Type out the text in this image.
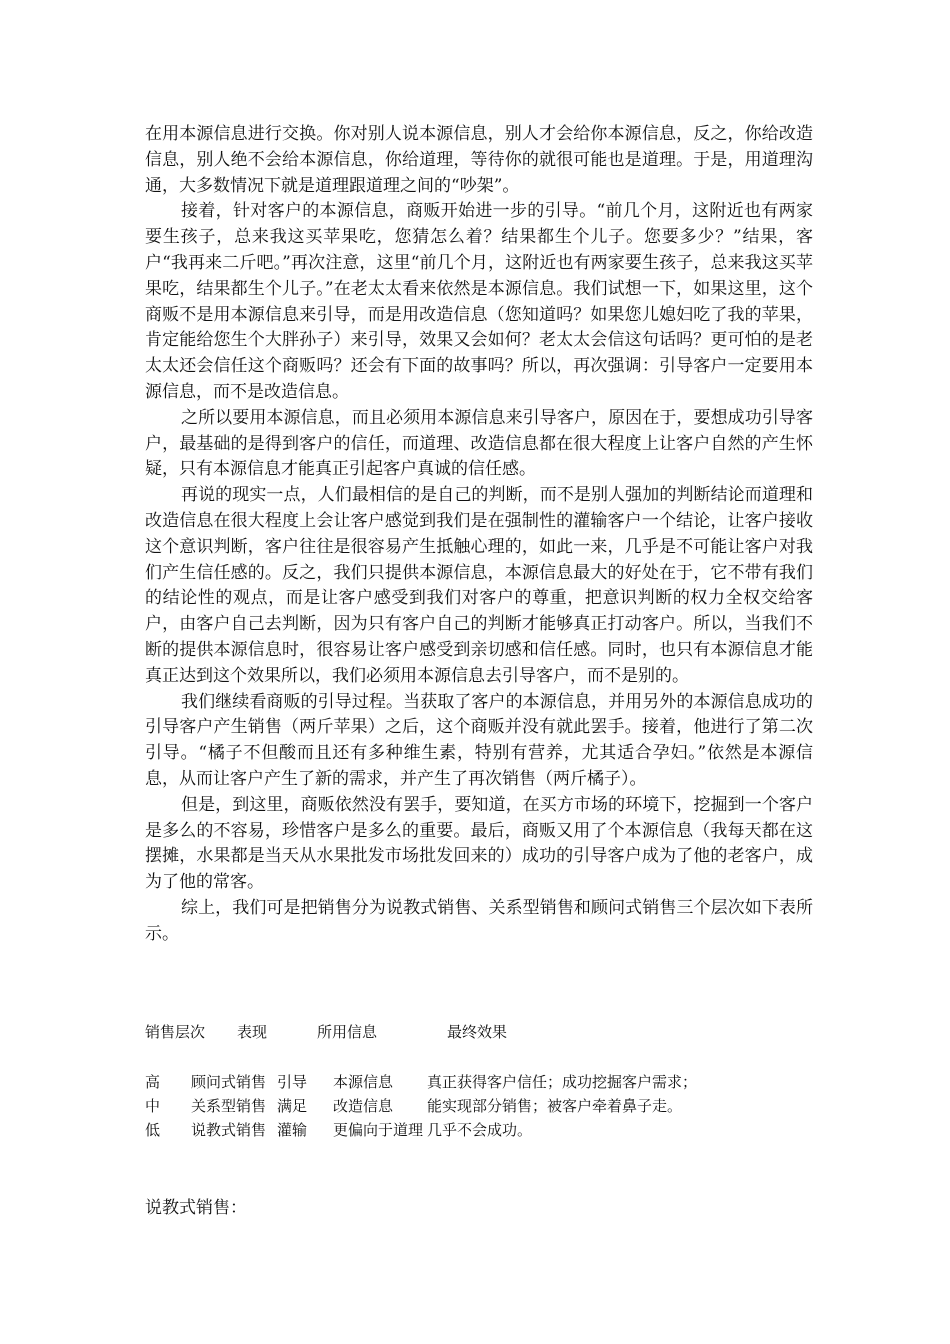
在用本源信息进行交换。你对别人说本源信息，别人才会给你本源信息，反之，你给改造信息，别人绝不会给本源信息，你给道理，等待你的就很可能也是道理。于是，用道理沟通，大多数情况下就是道理跟道理之间的“吵架”。

接着，针对客户的本源信息，商贩开始进一步的引导。“前几个月，这附近也有两家要生孩子，总来我这买苹果吃，您猜怎么着？结果都生个儿子。您要多少？”结果，客户“我再来二斤吧。”再次注意，这里“前几个月，这附近也有两家要生孩子，总来我这买苹果吃，结果都生个儿子。”在老太太看来依然是本源信息。我们试想一下，如果这里，这个商贩不是用本源信息来引导，而是用改造信息（您知道吗？如果您儿媳妇吃了我的苹果，肯定能给您生个大胖孙子）来引导，效果又会如何？老太太会信这句话吗？更可怕的是老太太还会信任这个商贩吗？还会有下面的故事吗？所以，再次强调：引导客户一定要用本源信息，而不是改造信息。

之所以要用本源信息，而且必须用本源信息来引导客户，原因在于，要想成功引导客户，最基础的是得到客户的信任，而道理、改造信息都在很大程度上让客户自然的产生怀疑，只有本源信息才能真正引起客户真诚的信任感。

再说的现实一点，人们最相信的是自己的判断，而不是别人强加的判断结论而道理和改造信息在很大程度上会让客户感觉到我们是在强制性的灌输客户一个结论，让客户接收这个意识判断，客户往往是很容易产生抵触心理的，如此一来，几乎是不可能让客户对我们产生信任感的。反之，我们只提供本源信息，本源信息最大的好处在于，它不带有我们的结论性的观点，而是让客户感受到我们对客户的尊重，把意识判断的权力全权交给客户，由客户自己去判断，因为只有客户自己的判断才能够真正打动客户。所以，当我们不断的提供本源信息时，很容易让客户感受到亲切感和信任感。同时，也只有本源信息才能真正达到这个效果所以，我们必须用本源信息去引导客户，而不是别的。

我们继续看商贩的引导过程。当获取了客户的本源信息，并用另外的本源信息成功的引导客户产生销售（两斤苹果）之后，这个商贩并没有就此罢手。接着，他进行了第二次引导。“橘子不但酸而且还有多种维生素，特别有营养，尤其适合孕妇。”依然是本源信息，从而让客户产生了新的需求，并产生了再次销售（两斤橘子）。

但是，到这里，商贩依然没有罢手，要知道，在买方市场的环境下，挖掘到一个客户是多么的不容易，珍惜客户是多么的重要。最后，商贩又用了个本源信息（我每天都在这摆摊，水果都是当天从水果批发市场批发回来的）成功的引导客户成为了他的老客户，成为了他的常客。

综上，我们可是把销售分为说教式销售、关系型销售和顾问式销售三个层次如下表所示。

销售层次 表现	所用信息	最终效果
高 顾问式销售 引导 本源信息 真正获得客户信任；成功挖掘客户需求；
中 关系型销售 满足 改造信息 能实现部分销售；被客户牵着鼻子走。
低 说教式销售 灌输 更偏向于道理 几乎不会成功。
说教式销售：
